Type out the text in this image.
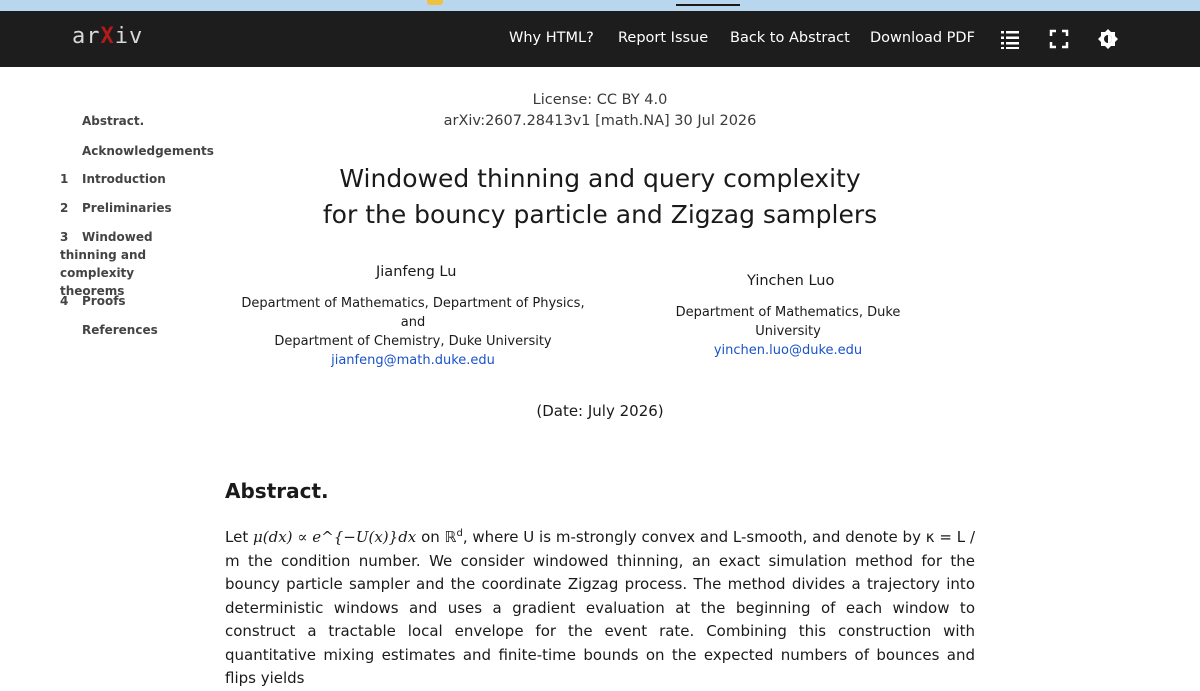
arXiv	Why HTML? Report Issue Back to Abstract Download PDF
Abstract.
Acknowledgements
1 Introduction
2 Preliminaries
3 Windowed thinning and complexity theorems
4 Proofs
References
License: CC BY 4.0
arXiv:2607.28413v1 [math.NA] 30 Jul 2026
Windowed thinning and query complexity
for the bouncy particle and Zigzag samplers
Jianfeng Lu
Department of Mathematics, Department of Physics, and
Department of Chemistry, Duke University
jianfeng@math.duke.edu
Yinchen Luo
Department of Mathematics, Duke University
yinchen.luo@duke.edu
(Date: July 2026)
Abstract.
Let μ(dx) ∝ e^{−U(x)}dx on ℝ$^d$, where U is m-strongly convex and L-smooth, and denote by κ = L / m the condition number. We consider windowed thinning, an exact simulation method for the bouncy particle sampler and the coordinate Zigzag process. The method divides a trajectory into deterministic windows and uses a gradient evaluation at the beginning of each window to construct a tractable local envelope for the event rate. Combining this construction with quantitative mixing estimates and finite-time bounds on the expected numbers of bounces and flips yields
